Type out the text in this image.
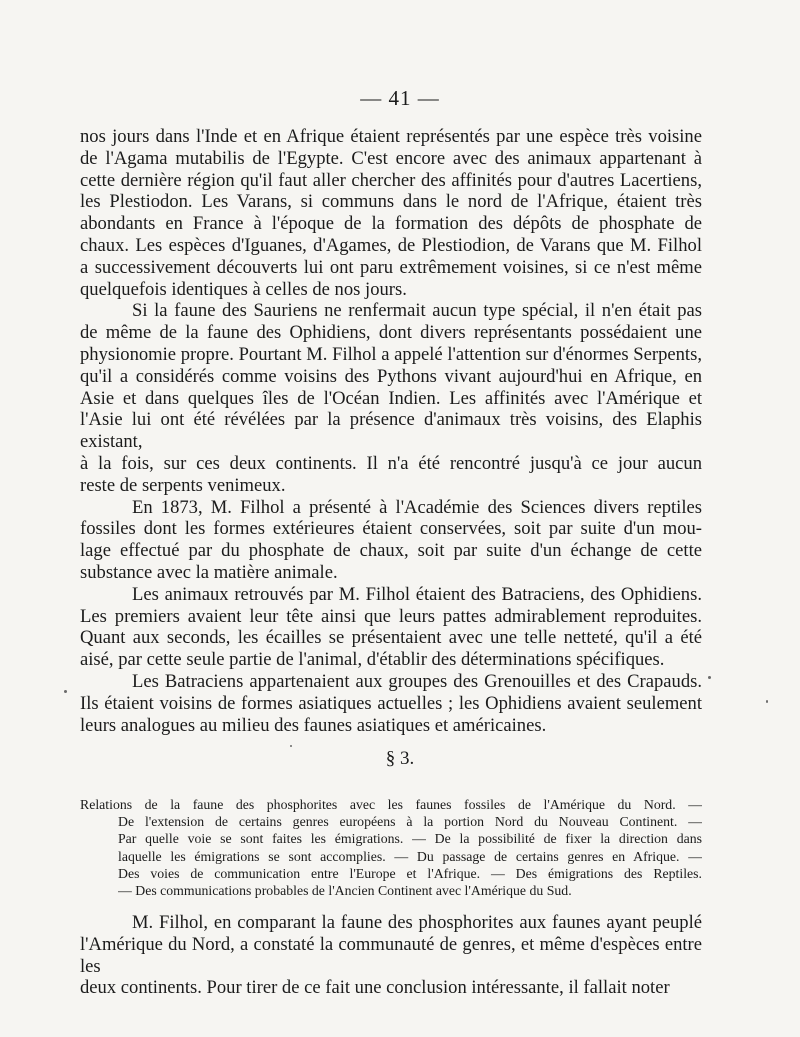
— 41 —

nos jours dans l'Inde et en Afrique étaient représentés par une espèce très voisine

de l'Agama mutabilis de l'Egypte. C'est encore avec des animaux appartenant à

cette dernière région qu'il faut aller chercher des affinités pour d'autres Lacertiens,

les Plestiodon. Les Varans, si communs dans le nord de l'Afrique, étaient très

abondants en France à l'époque de la formation des dépôts de phosphate de

chaux. Les espèces d'Iguanes, d'Agames, de Plestiodion, de Varans que M. Filhol

a successivement découverts lui ont paru extrêmement voisines, si ce n'est même

quelquefois identiques à celles de nos jours.

Si la faune des Sauriens ne renfermait aucun type spécial, il n'en était pas

de même de la faune des Ophidiens, dont divers représentants possédaient une

physionomie propre. Pourtant M. Filhol a appelé l'attention sur d'énormes Serpents,

qu'il a considérés comme voisins des Pythons vivant aujourd'hui en Afrique, en

Asie et dans quelques îles de l'Océan Indien. Les affinités avec l'Amérique et

l'Asie lui ont été révélées par la présence d'animaux très voisins, des Elaphis existant,

à la fois, sur ces deux continents. Il n'a été rencontré jusqu'à ce jour aucun

reste de serpents venimeux.

En 1873, M. Filhol a présenté à l'Académie des Sciences divers reptiles

fossiles dont les formes extérieures étaient conservées, soit par suite d'un mou-

lage effectué par du phosphate de chaux, soit par suite d'un échange de cette

substance avec la matière animale.

Les animaux retrouvés par M. Filhol étaient des Batraciens, des Ophidiens.

Les premiers avaient leur tête ainsi que leurs pattes admirablement reproduites.

Quant aux seconds, les écailles se présentaient avec une telle netteté, qu'il a été

aisé, par cette seule partie de l'animal, d'établir des déterminations spécifiques.

Les Batraciens appartenaient aux groupes des Grenouilles et des Crapauds.

Ils étaient voisins de formes asiatiques actuelles ; les Ophidiens avaient seulement

leurs analogues au milieu des faunes asiatiques et américaines.

§ 3.
Relations de la faune des phosphorites avec les faunes fossiles de l'Amérique du Nord. —
De l'extension de certains genres européens à la portion Nord du Nouveau Continent. —
Par quelle voie se sont faites les émigrations. — De la possibilité de fixer la direction dans
laquelle les émigrations se sont accomplies. — Du passage de certains genres en Afrique. —
Des voies de communication entre l'Europe et l'Afrique. — Des émigrations des Reptiles.
— Des communications probables de l'Ancien Continent avec l'Amérique du Sud.

M. Filhol, en comparant la faune des phosphorites aux faunes ayant peuplé

l'Amérique du Nord, a constaté la communauté de genres, et même d'espèces entre les

deux continents. Pour tirer de ce fait une conclusion intéressante, il fallait noter
